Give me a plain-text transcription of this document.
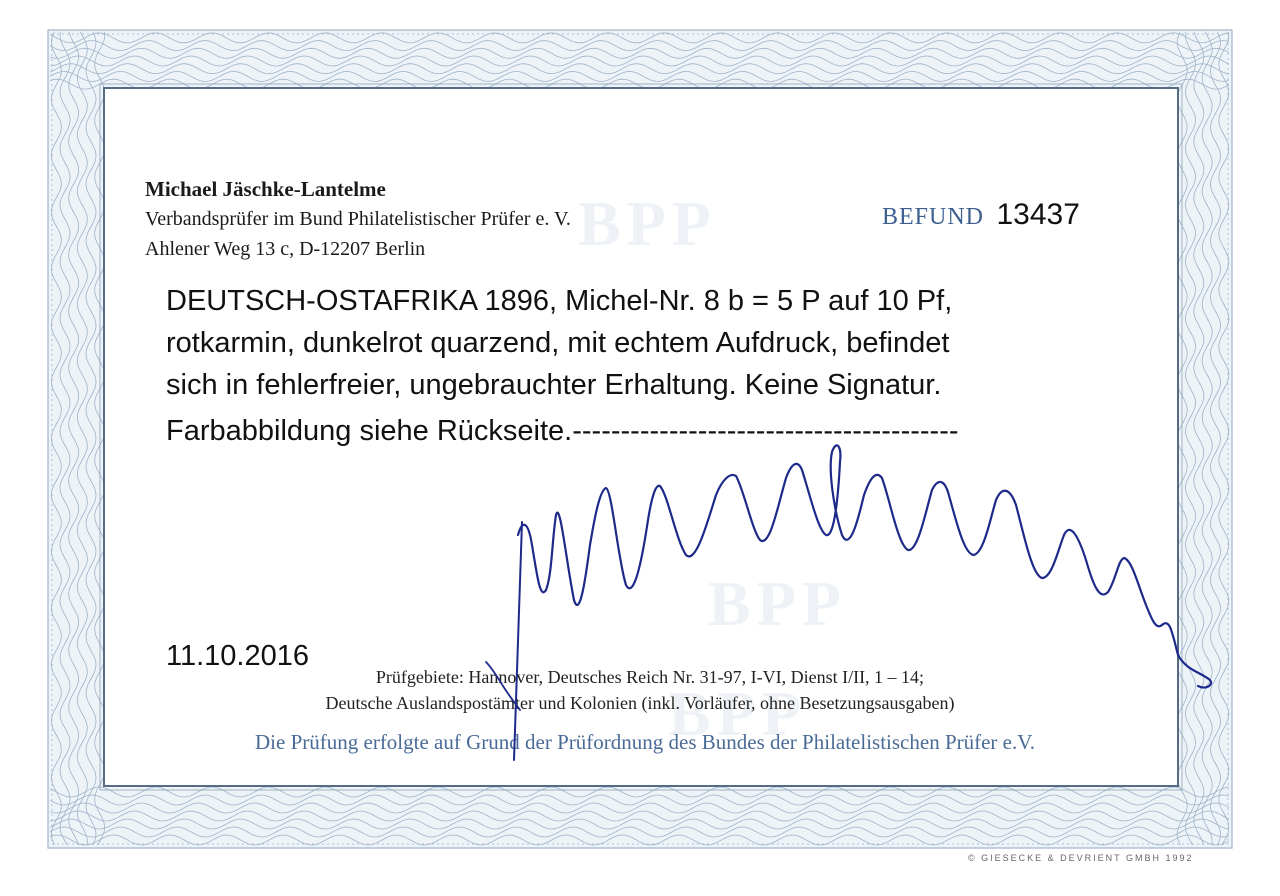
BPP
BPP
BPP
Michael Jäschke-Lantelme
Verbandsprüfer im Bund Philatelistischer Prüfer e. V.
Ahlener Weg 13 c, D-12207 Berlin
BEFUND 13437
DEUTSCH-OSTAFRIKA 1896, Michel-Nr. 8 b = 5 P auf 10 Pf,
rotkarmin, dunkelrot quarzend, mit echtem Aufdruck, befindet
sich in fehlerfreier, ungebrauchter Erhaltung. Keine Signatur.
Farbabbildung siehe Rückseite.----------------------------------------
11.10.2016
Prüfgebiete: Hannover, Deutsches Reich Nr. 31-97, I-VI, Dienst I/II, 1 – 14;
Deutsche Auslandspostämter und Kolonien (inkl. Vorläufer, ohne Besetzungsausgaben)
Die Prüfung erfolgte auf Grund der Prüfordnung des Bundes der Philatelistischen Prüfer e.V.
© GIESECKE & DEVRIENT GMBH 1992
